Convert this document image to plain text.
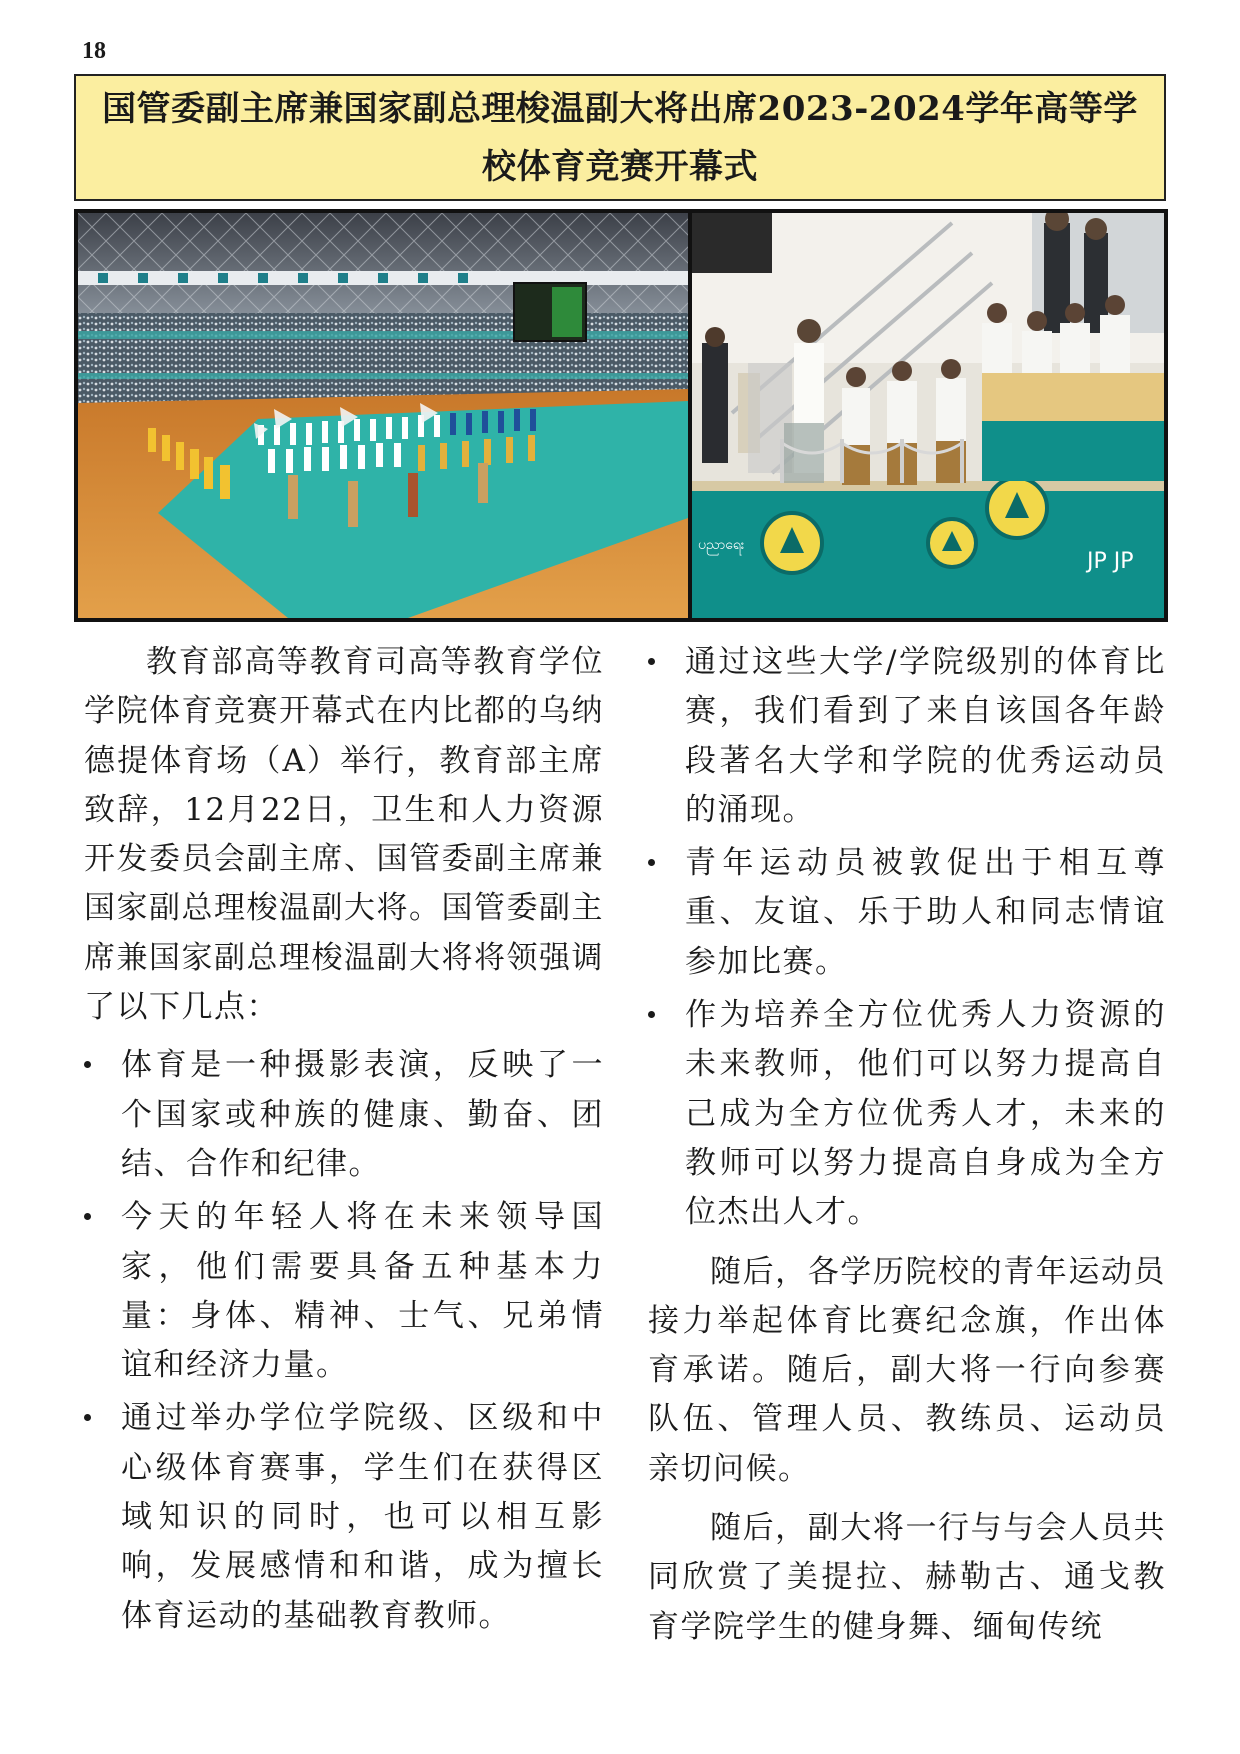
18
国管委副主席兼国家副总理梭温副大将出席2023-2024学年高等学校体育竞赛开幕式
ပညာရေး
JP JP

教育部高等教育司高等教育学位学院体育竞赛开幕式在内比都的乌纳德提体育场（A）举行，教育部主席致辞，12月22日，卫生和人力资源开发委员会副主席、国管委副主席兼国家副总理梭温副大将。国管委副主席兼国家副总理梭温副大将将领强调了以下几点：

体育是一种摄影表演，反映了一个国家或种族的健康、勤奋、团结、合作和纪律。
今天的年轻人将在未来领导国家，他们需要具备五种基本力量：身体、精神、士气、兄弟情谊和经济力量。
通过举办学位学院级、区级和中心级体育赛事，学生们在获得区域知识的同时，也可以相互影响，发展感情和和谐，成为擅长体育运动的基础教育教师。
通过这些大学/学院级别的体育比赛，我们看到了来自该国各年龄段著名大学和学院的优秀运动员的涌现。
青年运动员被敦促出于相互尊重、友谊、乐于助人和同志情谊参加比赛。
作为培养全方位优秀人力资源的未来教师，他们可以努力提高自己成为全方位优秀人才，未来的教师可以努力提高自身成为全方位杰出人才。

随后，各学历院校的青年运动员接力举起体育比赛纪念旗，作出体育承诺。随后，副大将一行向参赛队伍、管理人员、教练员、运动员亲切问候。

随后，副大将一行与与会人员共同欣赏了美提拉、赫勒古、通戈教育学院学生的健身舞、缅甸传统
